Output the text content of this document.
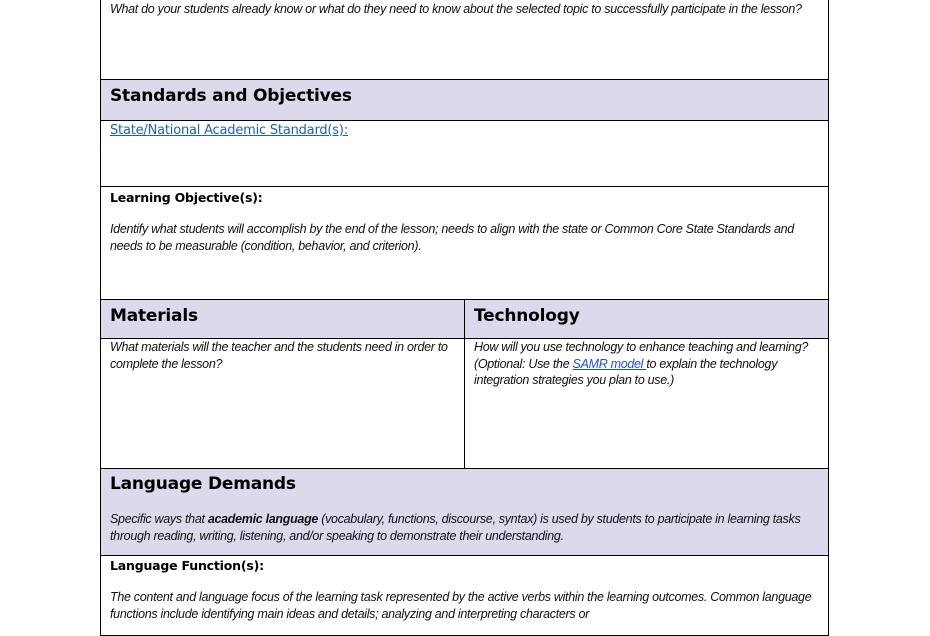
What do your students already know or what do they need to know about the selected topic to successfully participate in the lesson?
Standards and Objectives
State/National Academic Standard(s):
Learning Objective(s):
Identify what students will accomplish by the end of the lesson; needs to align with the state or Common Core State Standards and needs to be measurable (condition, behavior, and criterion).
Materials	Technology
What materials will the teacher and the students need in order to complete the lesson?
How will you use technology to enhance teaching and learning? (Optional: Use the SAMR model to explain the technology integration strategies you plan to use.)
Language Demands
Specific ways that academic language (vocabulary, functions, discourse, syntax) is used by students to participate in learning tasks through reading, writing, listening, and/or speaking to demonstrate their understanding.
Language Function(s):
The content and language focus of the learning task represented by the active verbs within the learning outcomes. Common language functions include identifying main ideas and details; analyzing and interpreting characters or
